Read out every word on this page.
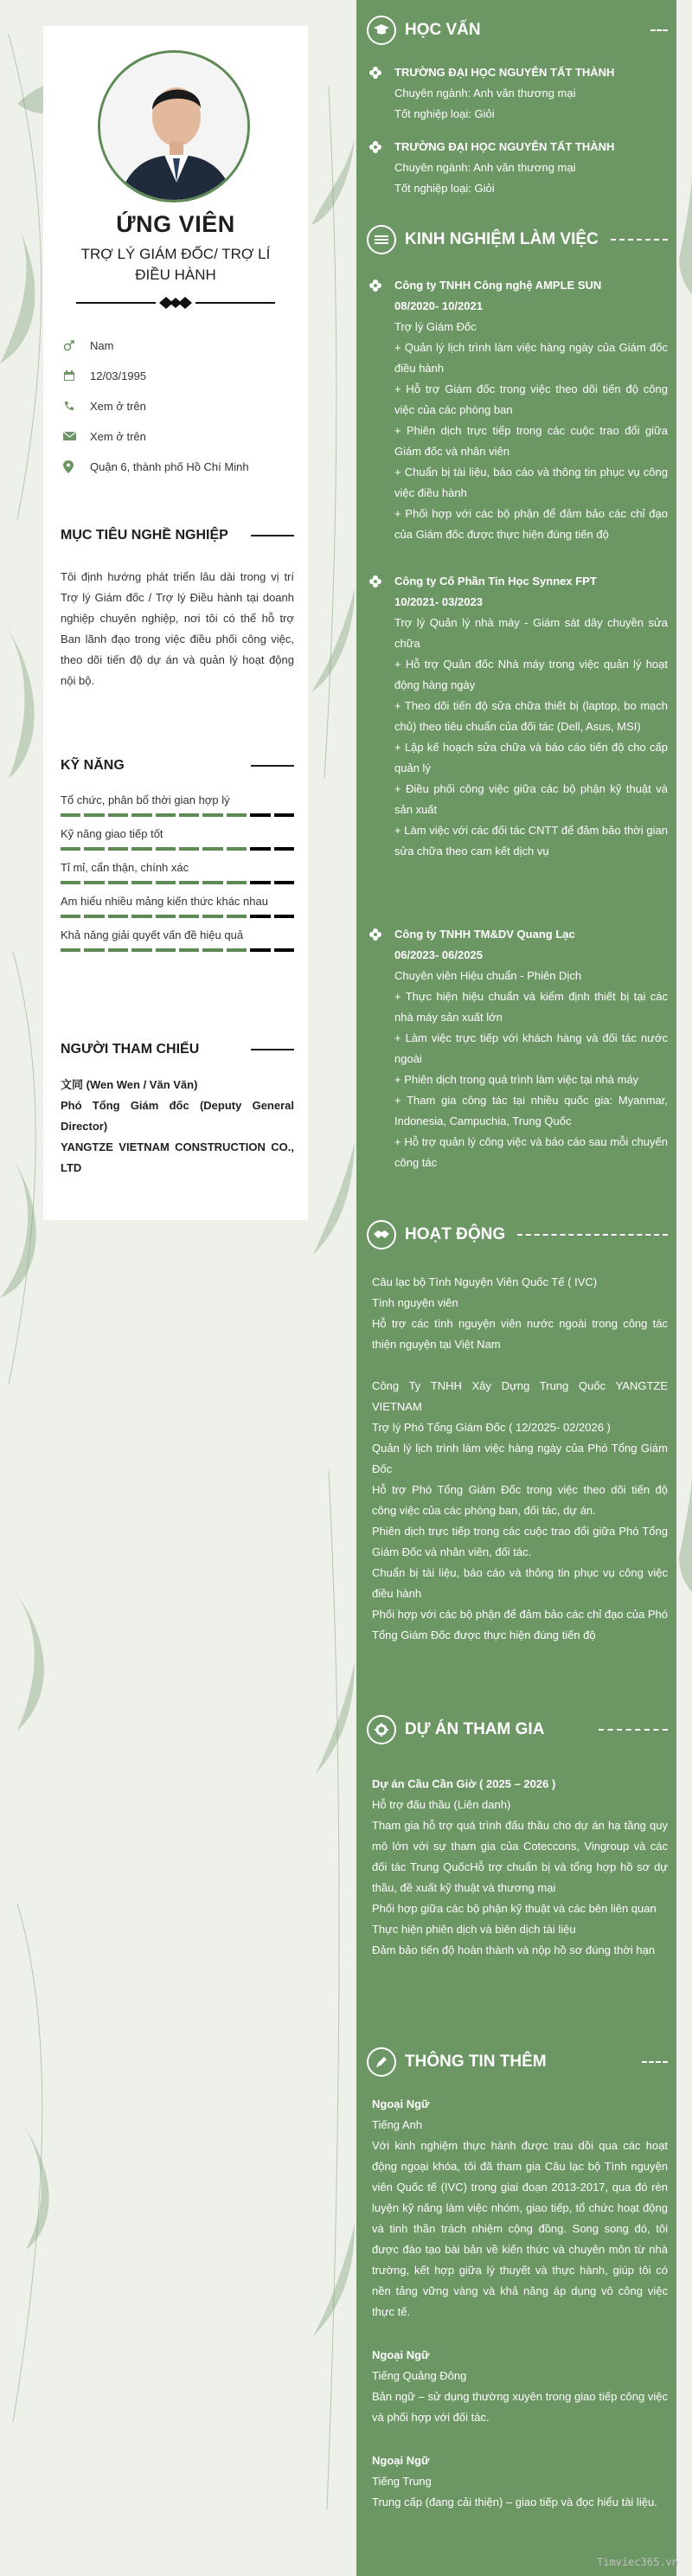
ỨNG VIÊN
TRỢ LÝ GIÁM ĐỐC/ TRỢ LÍ ĐIỀU HÀNH
Nam
12/03/1995
Xem ở trên
Xem ở trên
Quận 6, thành phố Hồ Chí Minh
MỤC TIÊU NGHỀ NGHIỆP
Tôi định hướng phát triển lâu dài trong vị trí Trợ lý Giám đốc / Trợ lý Điều hành tại doanh nghiệp chuyên nghiệp, nơi tôi có thể hỗ trợ Ban lãnh đạo trong việc điều phối công việc, theo dõi tiến độ dự án và quản lý hoạt động nội bộ.
KỸ NĂNG
Tổ chức, phân bổ thời gian hợp lý
Kỹ năng giao tiếp tốt
Tỉ mỉ, cẩn thận, chính xác
Am hiểu nhiều mảng kiến thức khác nhau
Khả năng giải quyết vấn đề hiệu quả
NGƯỜI THAM CHIẾU
文同 (Wen Wen / Văn Văn)
Phó Tổng Giám đốc (Deputy General Director)
YANGTZE VIETNAM CONSTRUCTION CO., LTD
HỌC VẤN
TRƯỜNG ĐẠI HỌC NGUYỄN TẤT THÀNH
Chuyên ngành: Anh văn thương mại
Tốt nghiệp loại: Giỏi
TRƯỜNG ĐẠI HỌC NGUYỄN TẤT THÀNH
Chuyên ngành: Anh văn thương mại
Tốt nghiệp loại: Giỏi
KINH NGHIỆM LÀM VIỆC
Công ty TNHH Công nghệ AMPLE SUN
08/2020- 10/2021
Trợ lý Giám Đốc
+ Quản lý lịch trình làm việc hàng ngày của Giám đốc điều hành
+ Hỗ trợ Giám đốc trong việc theo dõi tiến độ công việc của các phòng ban
+ Phiên dịch trực tiếp trong các cuộc trao đổi giữa Giám đốc và nhân viên
+ Chuẩn bị tài liệu, báo cáo và thông tin phục vụ công việc điều hành
+ Phối hợp với các bộ phận để đảm bảo các chỉ đạo của Giám đốc được thực hiện đúng tiến độ
Công ty Cổ Phần Tin Học Synnex FPT
10/2021- 03/2023
Trợ lý Quản lý nhà máy - Giám sát dây chuyền sửa chữa
+ Hỗ trợ Quản đốc Nhà máy trong việc quản lý hoạt động hàng ngày
+ Theo dõi tiến độ sửa chữa thiết bị (laptop, bo mạch chủ) theo tiêu chuẩn của đối tác (Dell, Asus, MSI)
+ Lập kế hoạch sửa chữa và báo cáo tiến độ cho cấp quản lý
+ Điều phối công việc giữa các bộ phận kỹ thuật và sản xuất
+ Làm việc với các đối tác CNTT để đảm bảo thời gian sửa chữa theo cam kết dịch vụ
Công ty TNHH TM&DV Quang Lạc
06/2023- 06/2025
Chuyên viên Hiệu chuẩn - Phiên Dịch
+ Thực hiện hiệu chuẩn và kiểm định thiết bị tại các nhà máy sản xuất lớn
+ Làm việc trực tiếp với khách hàng và đối tác nước ngoài
+ Phiên dịch trong quá trình làm việc tại nhà máy
+ Tham gia công tác tại nhiều quốc gia: Myanmar, Indonesia, Campuchia, Trung Quốc
+ Hỗ trợ quản lý công việc và báo cáo sau mỗi chuyến công tác
HOẠT ĐỘNG
Câu lạc bộ Tình Nguyện Viên Quốc Tế ( IVC)
Tình nguyện viên
Hỗ trợ các tình nguyện viên nước ngoài trong công tác thiện nguyện tại Việt Nam
Công Ty TNHH Xây Dựng Trung Quốc YANGTZE VIETNAM
Trợ lý Phó Tổng Giám Đốc ( 12/2025- 02/2026 )
Quản lý lịch trình làm việc hàng ngày của Phó Tổng Giám Đốc
Hỗ trợ Phó Tổng Giám Đốc trong việc theo dõi tiến độ công việc của các phòng ban, đối tác, dự án.
Phiên dịch trực tiếp trong các cuộc trao đổi giữa Phó Tổng Giám Đốc và nhân viên, đối tác.
Chuẩn bị tài liệu, báo cáo và thông tin phục vụ công việc điều hành
Phối hợp với các bộ phận để đảm bảo các chỉ đạo của Phó Tổng Giám Đốc được thực hiện đúng tiến độ
DỰ ÁN THAM GIA
Dự án Cầu Cần Giờ ( 2025 – 2026 )
Hỗ trợ đấu thầu (Liên danh)
Tham gia hỗ trợ quá trình đấu thầu cho dự án hạ tầng quy mô lớn với sự tham gia của Coteccons, Vingroup và các đối tác Trung QuốcHỗ trợ chuẩn bị và tổng hợp hồ sơ dự thầu, đề xuất kỹ thuật và thương mại
Phối hợp giữa các bộ phận kỹ thuật và các bên liên quan
Thực hiện phiên dịch và biên dịch tài liệu
Đảm bảo tiến độ hoàn thành và nộp hồ sơ đúng thời hạn
THÔNG TIN THÊM
Ngoại Ngữ
Tiếng Anh
Với kinh nghiệm thực hành được trau dồi qua các hoạt động ngoại khóa, tôi đã tham gia Câu lạc bộ Tình nguyện viên Quốc tế (IVC) trong giai đoạn 2013-2017, qua đó rèn luyện kỹ năng làm việc nhóm, giao tiếp, tổ chức hoạt động và tinh thần trách nhiệm cộng đồng. Song song đó, tôi được đào tạo bài bản về kiến thức và chuyên môn từ nhà trường, kết hợp giữa lý thuyết và thực hành, giúp tôi có nền tảng vững vàng và khả năng áp dụng vô công việc thực tế.
Ngoại Ngữ
Tiếng Quảng Đông
Bản ngữ – sử dụng thường xuyên trong giao tiếp công việc và phối hợp với đối tác.
Ngoại Ngữ
Tiếng Trung
Trung cấp (đang cải thiện) – giao tiếp và đọc hiểu tài liệu.
Timviec365.vn
